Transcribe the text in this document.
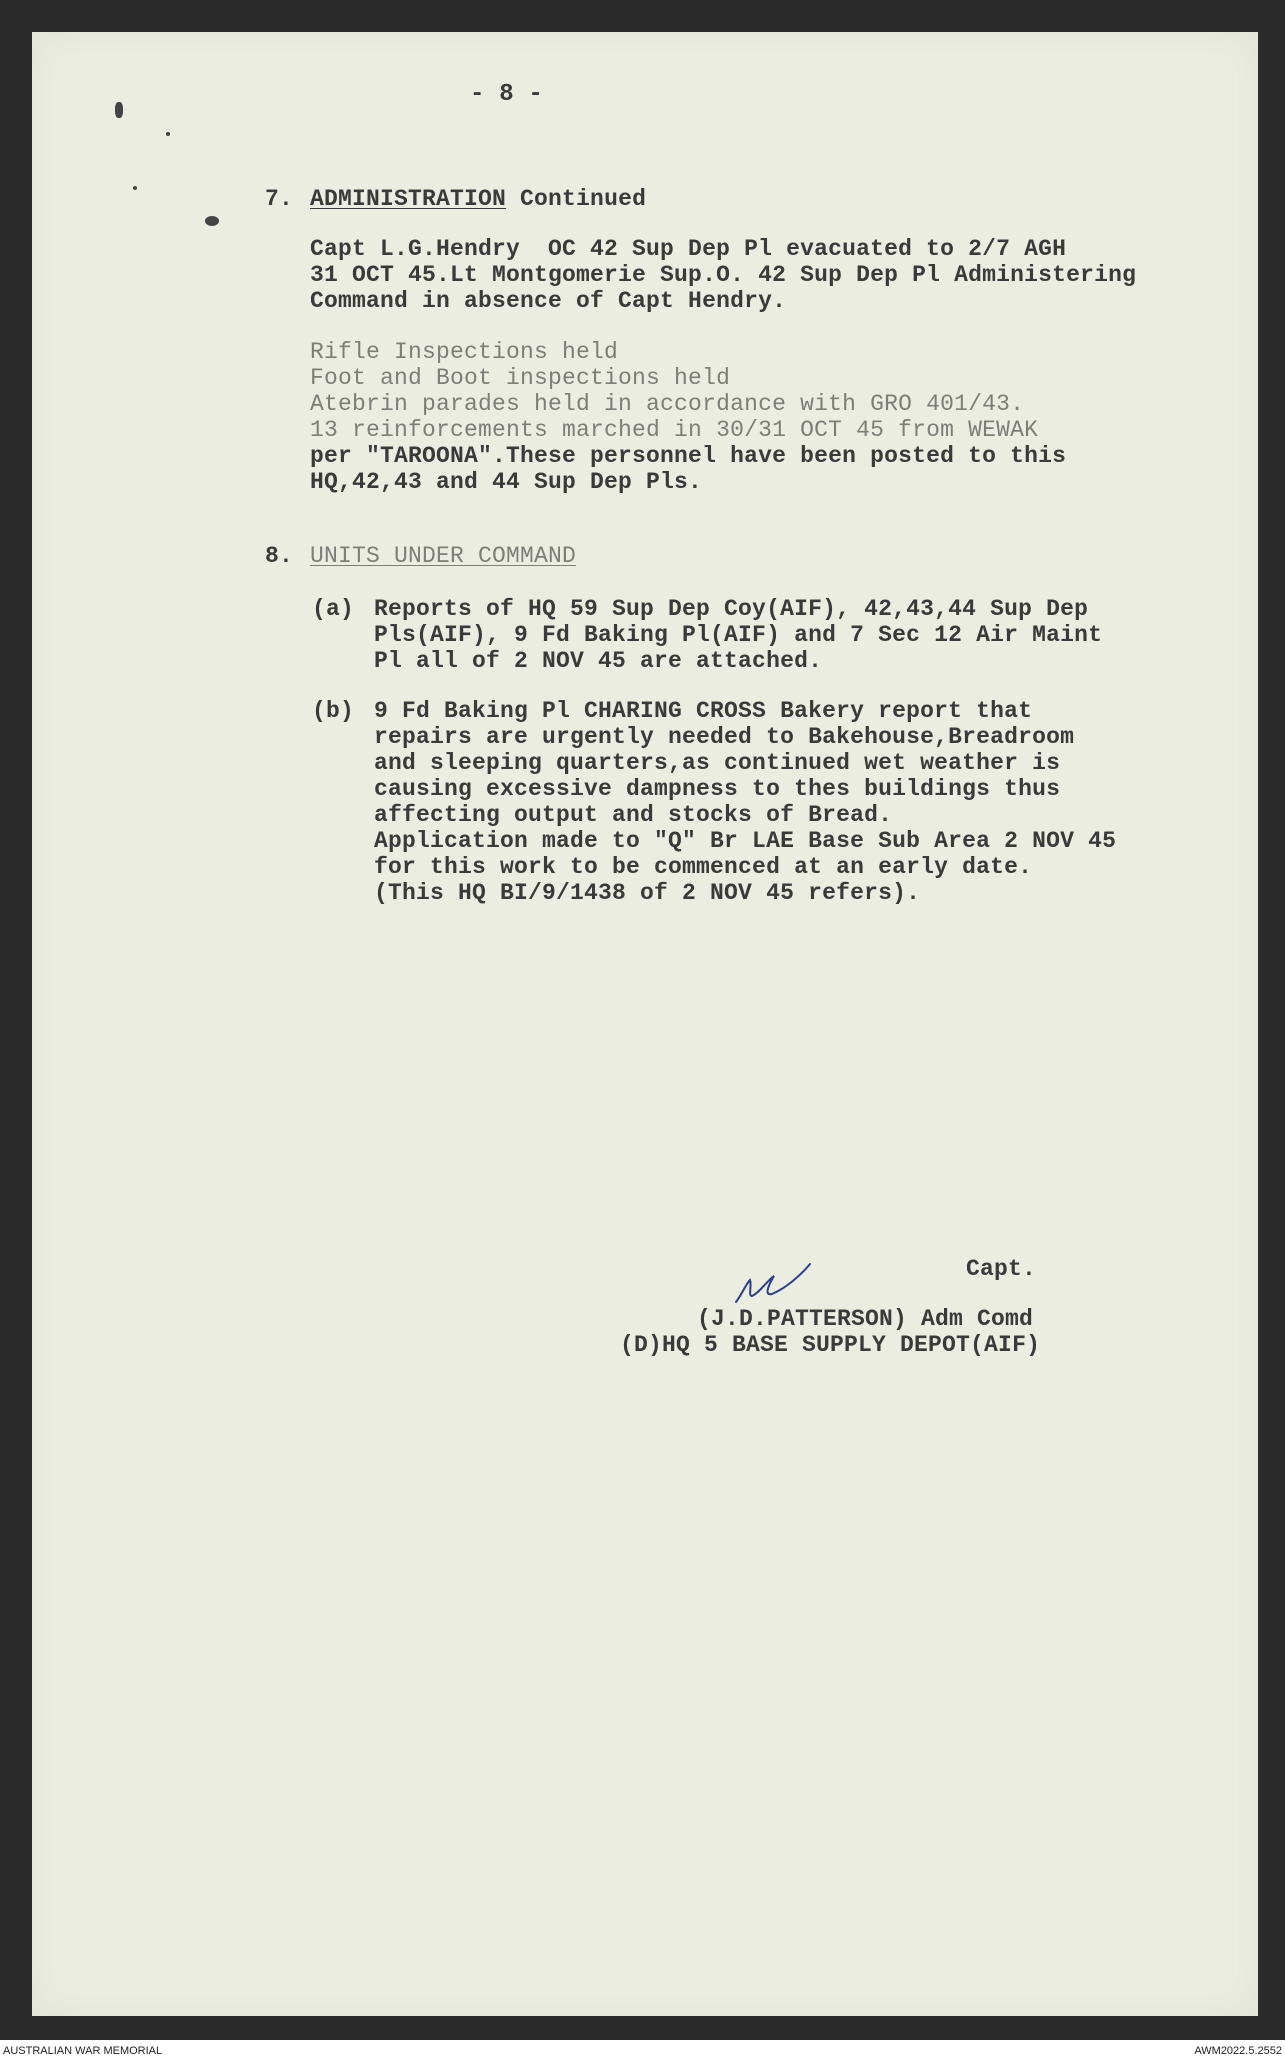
- 8 -
7. ADMINISTRATION Continued
Capt L.G.Hendry  OC 42 Sup Dep Pl evacuated to 2/7 AGH
31 OCT 45.Lt Montgomerie Sup.O. 42 Sup Dep Pl Administering
Command in absence of Capt Hendry.
Rifle Inspections held
Foot and Boot inspections held
Atebrin parades held in accordance with GRO 401/43.
13 reinforcements marched in 30/31 OCT 45 from WEWAK
per "TAROONA".These personnel have been posted to this
HQ,42,43 and 44 Sup Dep Pls.
8. UNITS UNDER COMMAND
(a) Reports of HQ 59 Sup Dep Coy(AIF), 42,43,44 Sup Dep
Pls(AIF), 9 Fd Baking Pl(AIF) and 7 Sec 12 Air Maint
Pl all of 2 NOV 45 are attached.
(b) 9 Fd Baking Pl CHARING CROSS Bakery report that
repairs are urgently needed to Bakehouse,Breadroom
and sleeping quarters,as continued wet weather is
causing excessive dampness to thes buildings thus
affecting output and stocks of Bread.
Application made to "Q" Br LAE Base Sub Area 2 NOV 45
for this work to be commenced at an early date.
(This HQ BI/9/1438 of 2 NOV 45 refers).
Capt.
(J.D.PATTERSON) Adm Comd
(D)HQ 5 BASE SUPPLY DEPOT(AIF)
AUSTRALIAN WAR MEMORIAL	AWM2022.5.2552
